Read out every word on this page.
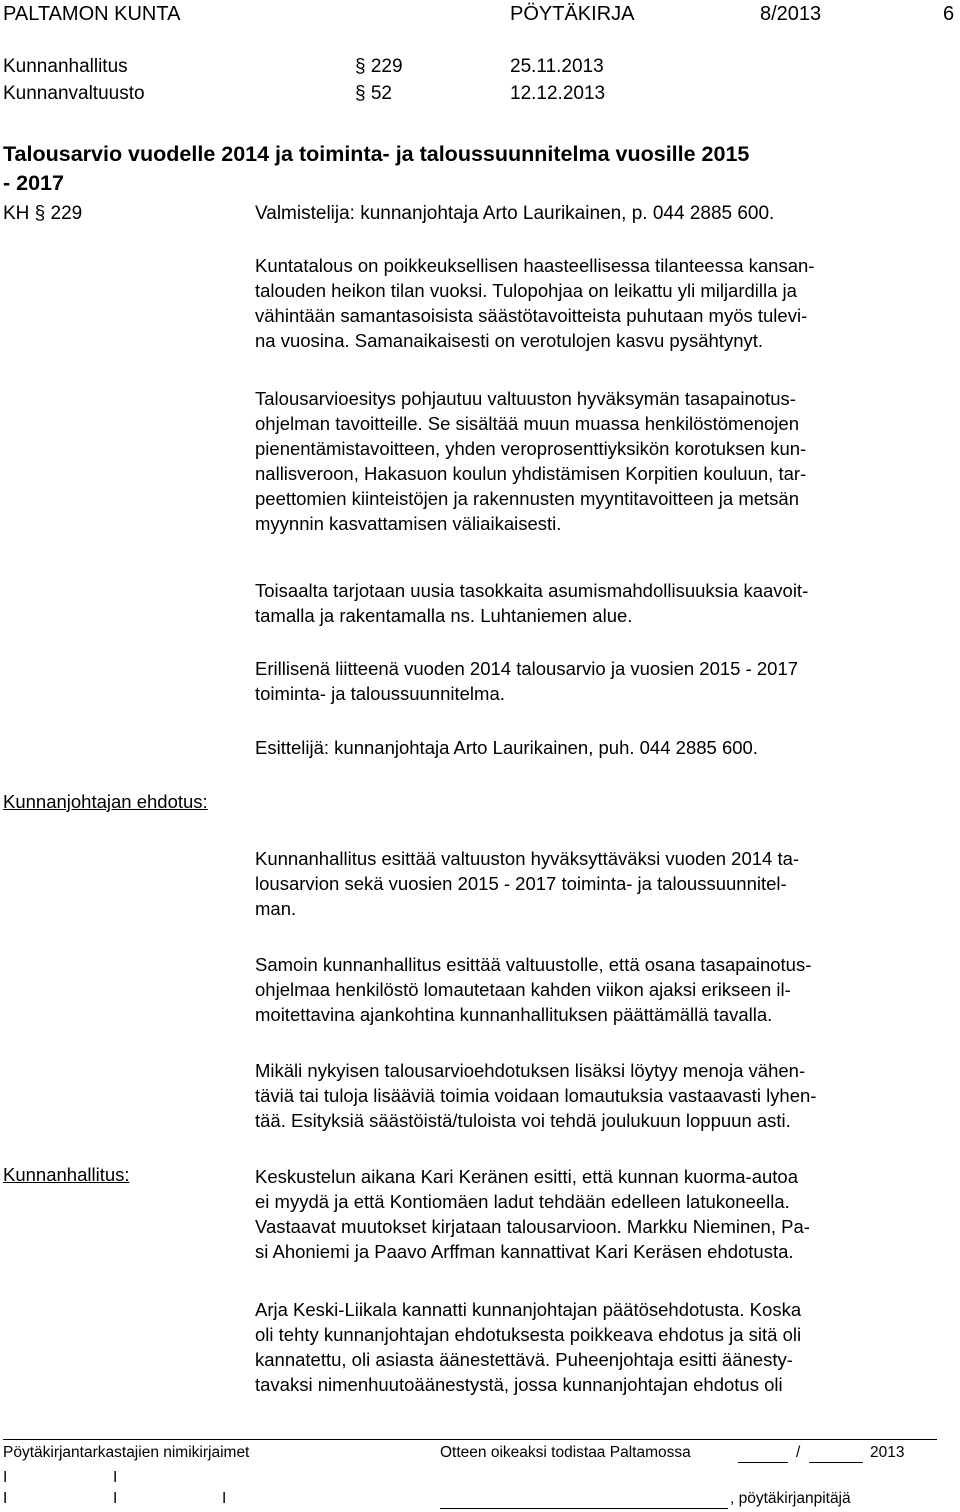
PALTAMON KUNTA	PÖYTÄKIRJA	8/2013	6
Kunnanhallitus	§ 229	25.11.2013
Kunnanvaltuusto	§ 52	12.12.2013
Talousarvio vuodelle 2014 ja toiminta- ja taloussuunnitelma vuosille 2015
- 2017
KH § 229	Valmistelija: kunnanjohtaja Arto Laurikainen, p. 044 2885 600.
Kuntatalous on poikkeuksellisen haasteellisessa tilanteessa kansan-
talouden heikon tilan vuoksi. Tulopohjaa on leikattu yli miljardilla ja
vähintään samantasoisista säästötavoitteista puhutaan myös tulevi-
na vuosina. Samanaikaisesti on verotulojen kasvu pysähtynyt.
Talousarvioesitys pohjautuu valtuuston hyväksymän tasapainotus-
ohjelman tavoitteille. Se sisältää muun muassa henkilöstömenojen
pienentämistavoitteen, yhden veroprosenttiyksikön korotuksen kun-
nallisveroon, Hakasuon koulun yhdistämisen Korpitien kouluun, tar-
peettomien kiinteistöjen ja rakennusten myyntitavoitteen ja metsän
myynnin kasvattamisen väliaikaisesti.
Toisaalta tarjotaan uusia tasokkaita asumismahdollisuuksia kaavoit-
tamalla ja rakentamalla ns. Luhtaniemen alue.
Erillisenä liitteenä vuoden 2014 talousarvio ja vuosien 2015 - 2017
toiminta- ja taloussuunnitelma.
Esittelijä: kunnanjohtaja Arto Laurikainen, puh. 044 2885 600.
Kunnanjohtajan ehdotus:
Kunnanhallitus esittää valtuuston hyväksyttäväksi vuoden 2014 ta-
lousarvion sekä vuosien 2015 - 2017 toiminta- ja taloussuunnitel-
man.
Samoin kunnanhallitus esittää valtuustolle, että osana tasapainotus-
ohjelmaa henkilöstö lomautetaan kahden viikon ajaksi erikseen il-
moitettavina ajankohtina kunnanhallituksen päättämällä tavalla.
Mikäli nykyisen talousarvioehdotuksen lisäksi löytyy menoja vähen-
täviä tai tuloja lisääviä toimia voidaan lomautuksia vastaavasti lyhen-
tää. Esityksiä säästöistä/tuloista voi tehdä joulukuun loppuun asti.
Kunnanhallitus:	Keskustelun aikana Kari Keränen esitti, että kunnan kuorma-autoa
ei myydä ja että Kontiomäen ladut tehdään edelleen latukoneella.
Vastaavat muutokset kirjataan talousarvioon. Markku Nieminen, Pa-
si Ahoniemi ja Paavo Arffman kannattivat Kari Keräsen ehdotusta.
Arja Keski-Liikala kannatti kunnanjohtajan päätösehdotusta. Koska
oli tehty kunnanjohtajan ehdotuksesta poikkeava ehdotus ja sitä oli
kannatettu, oli asiasta äänestettävä. Puheenjohtaja esitti äänesty-
tavaksi nimenhuutoäänestystä, jossa kunnanjohtajan ehdotus oli
Pöytäkirjantarkastajien nimikirjaimet	Otteen oikeaksi todistaa Paltamossa	/	2013
I	I
I	I	I	, pöytäkirjanpitäjä
